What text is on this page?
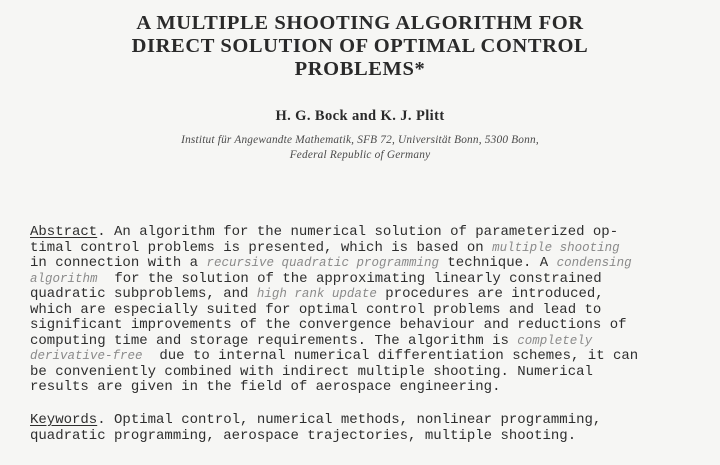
A MULTIPLE SHOOTING ALGORITHM FOR
DIRECT SOLUTION OF OPTIMAL CONTROL
PROBLEMS*
H. G. Bock and K. J. Plitt
Institut für Angewandte Mathematik, SFB 72, Universität Bonn, 5300 Bonn,
Federal Republic of Germany
Abstract. An algorithm for the numerical solution of parameterized op-
timal control problems is presented, which is based on multiple shooting
in connection with a recursive quadratic programming technique. A condensing
algorithm  for the solution of the approximating linearly constrained
quadratic subproblems, and high rank update procedures are introduced,
which are especially suited for optimal control problems and lead to
significant improvements of the convergence behaviour and reductions of
computing time and storage requirements. The algorithm is completely
derivative-free  due to internal numerical differentiation schemes, it can
be conveniently combined with indirect multiple shooting. Numerical
results are given in the field of aerospace engineering.
Keywords. Optimal control, numerical methods, nonlinear programming,
quadratic programming, aerospace trajectories, multiple shooting.
